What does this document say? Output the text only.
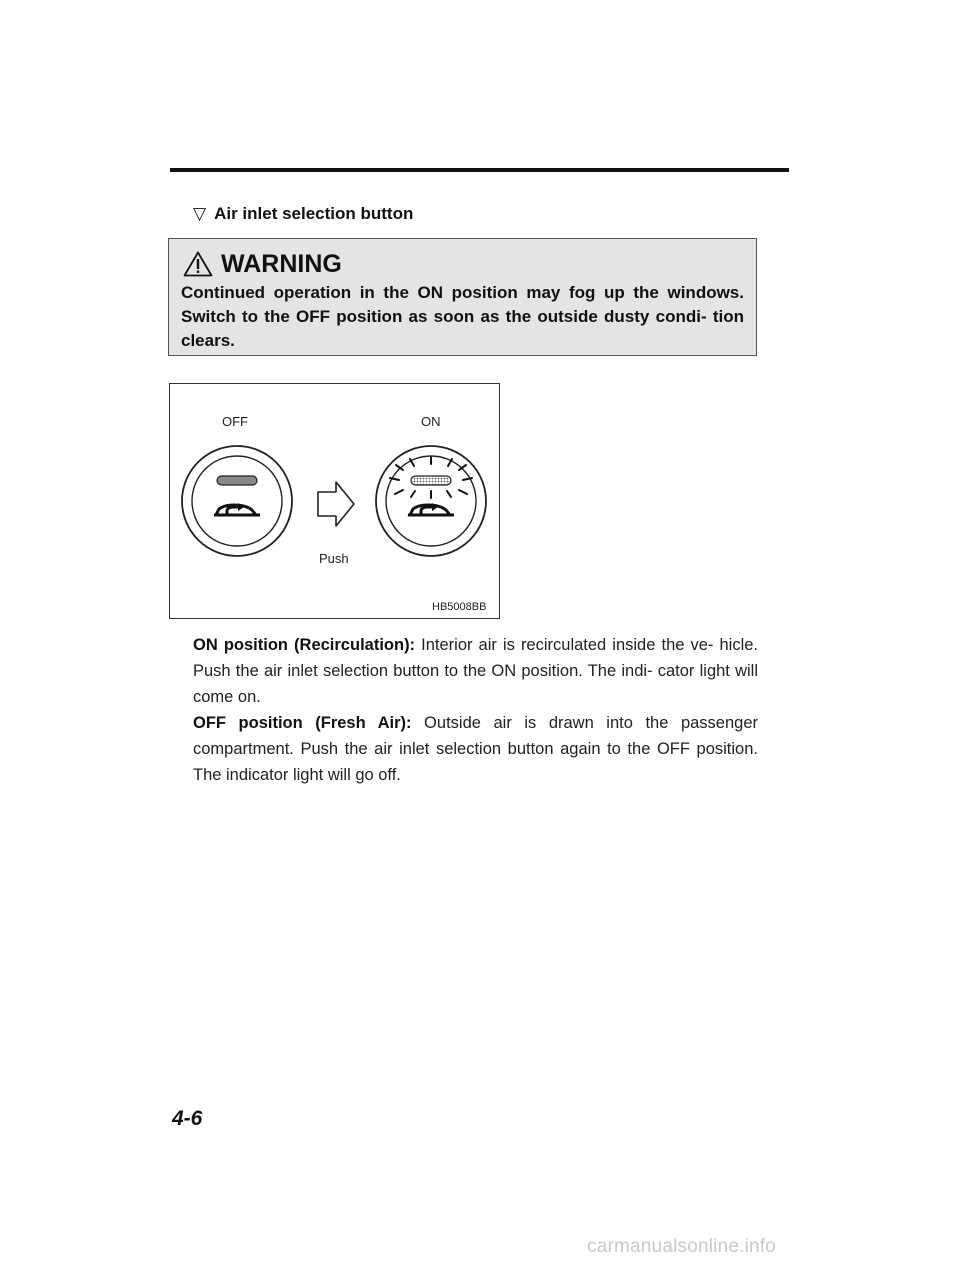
▽ Air inlet selection button
WARNING
Continued operation in the ON position may fog up the windows. Switch to the OFF position as soon as the outside dusty condi- tion clears.
OFF	ON
Push
HB5008BB

ON position (Recirculation): Interior air is recirculated inside the ve- hicle. Push the air inlet selection button to the ON position. The indi- cator light will come on.

OFF position (Fresh Air): Outside air is drawn into the passenger compartment. Push the air inlet selection button again to the OFF position. The indicator light will go off.

4-6
carmanualsonline.info
